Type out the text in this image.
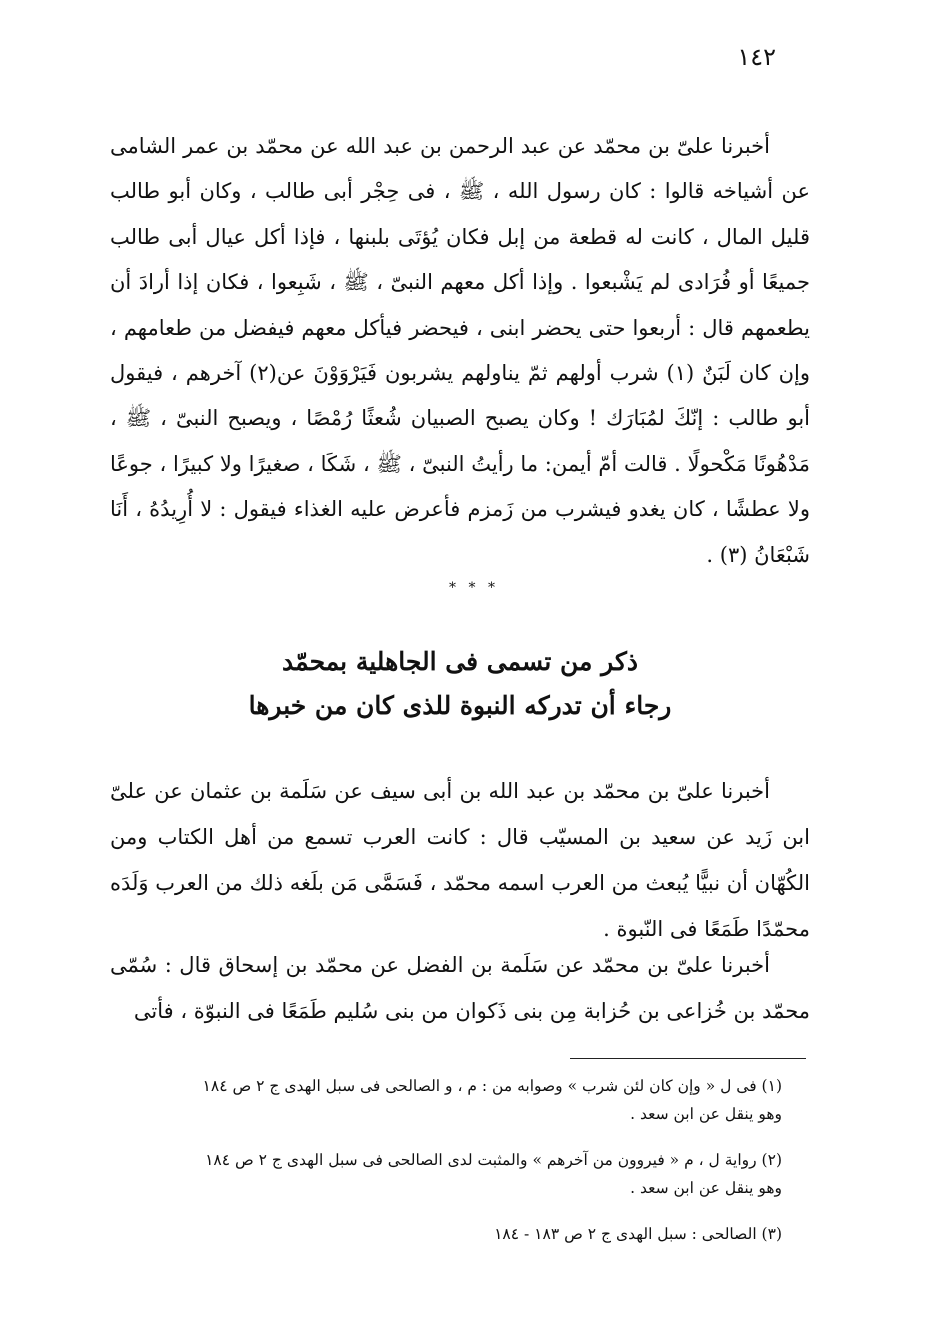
١٤٢

أخبرنا علىّ بن محمّد عن عبد الرحمن بن عبد الله عن محمّد بن عمر الشامى عن أشياخه قالوا : كان رسول الله ، ﷺ ، فى حِجْر أبى طالب ، وكان أبو طالب قليل المال ، كانت له قطعة من إبل فكان يُؤتَى بلبنها ، فإذا أكل عيال أبى طالب جميعًا أو فُرَادى لم يَشْبعوا . وإذا أكل معهم النبىّ ، ﷺ ، شَبِعوا ، فكان إذا أرادَ أن يطعمهم قال : أربعوا حتى يحضر ابنى ، فيحضر فيأكل معهم فيفضل من طعامهم ، وإن كان لَبَنٌ (١) شرب أولهم ثمّ يناولهم يشربون فَيَرْوَوْنَ عن(٢) آخرهم ، فيقول أبو طالب : إنّكَ لمُبَارَك ! وكان يصبح الصبيان شُعثًا رُمْصًا ، ويصبح النبىّ ، ﷺ ، مَدْهُونًا مَكْحولًا . قالت أمّ أيمن: ما رأيتُ النبىّ ، ﷺ ، شَكَا ، صغيرًا ولا كبيرًا ، جوعًا ولا عطشًا ، كان يغدو فيشرب من زَمزم فأعرض عليه الغذاء فيقول : لا أُرِيدُهُ ، أَنَا شَبْعَانُ (٣) .

* * *
ذكر من تسمى فى الجاهلية بمحمّد
رجاء أن تدركه النبوة للذى كان من خبرها

أخبرنا علىّ بن محمّد بن عبد الله بن أبى سيف عن سَلَمة بن عثمان عن علىّ ابن زَيد عن سعيد بن المسيّب قال : كانت العرب تسمع من أهل الكتاب ومن الكُهّان أن نبيًّا يُبعث من العرب اسمه محمّد ، فَسَمَّى مَن بلَغه ذلك من العرب وَلَدَه محمّدًا طَمَعًا فى النّبوة .

أخبرنا علىّ بن محمّد عن سَلَمة بن الفضل عن محمّد بن إسحاق قال : سُمّى محمّد بن خُزاعى بن حُزابة مِن بنى ذَكوان من بنى سُليم طَمَعًا فى النبوّة ، فأتى

(١) فى ل « وإن كان لئن شرب » وصوابه من : م ، و الصالحى فى سبل الهدى ج ٢ ص ١٨٤
وهو ينقل عن ابن سعد .
(٢) رواية ل ، م « فيروون من آخرهم » والمثبت لدى الصالحى فى سبل الهدى ج ٢ ص ١٨٤
وهو ينقل عن ابن سعد .
(٣) الصالحى : سبل الهدى ج ٢ ص ١٨٣ - ١٨٤
